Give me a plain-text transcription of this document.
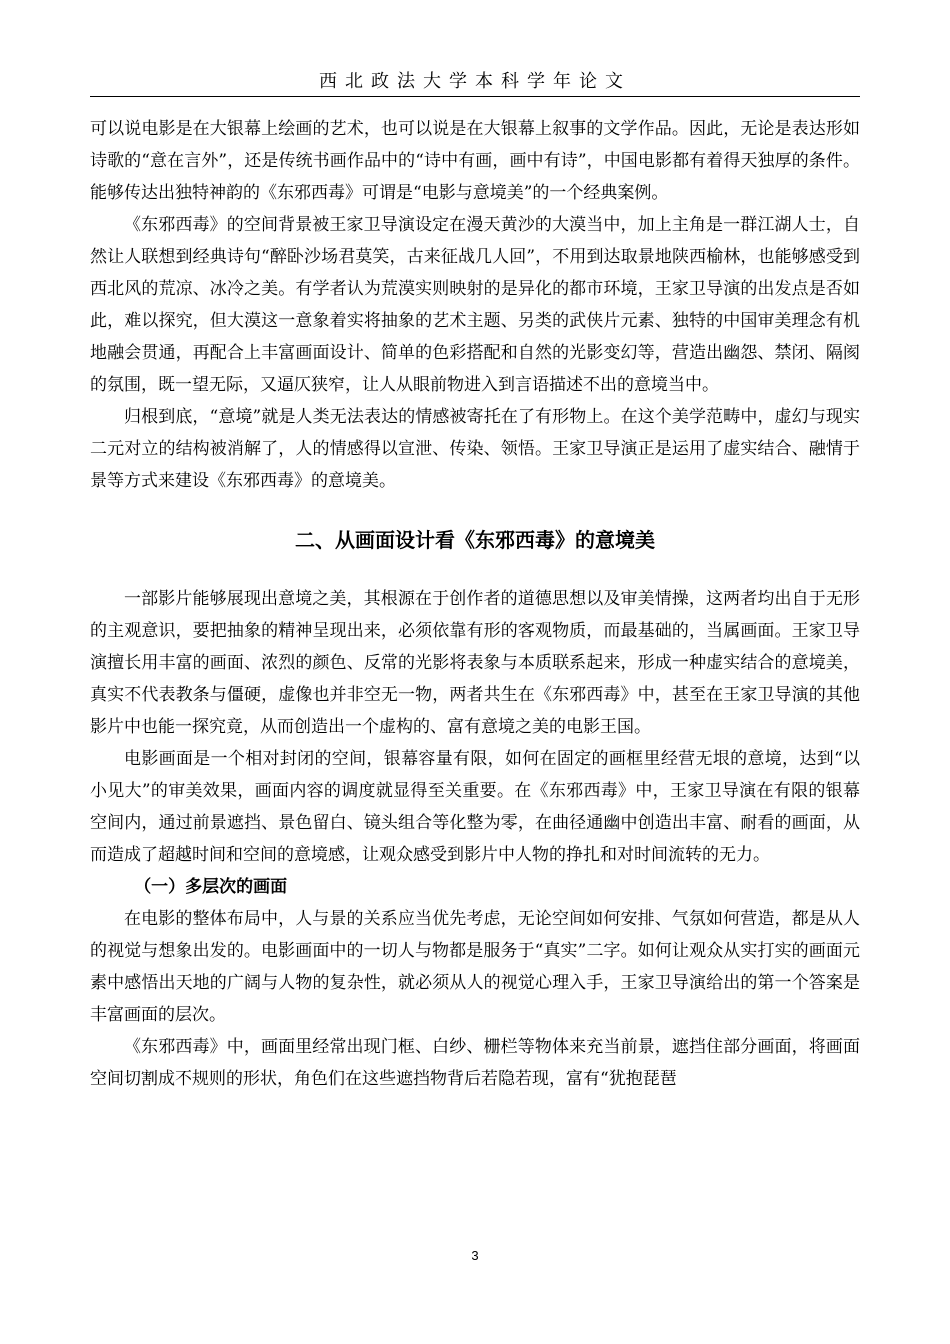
西北政法大学本科学年论文

可以说电影是在大银幕上绘画的艺术，也可以说是在大银幕上叙事的文学作品。因此，无论是表达形如诗歌的“意在言外”，还是传统书画作品中的“诗中有画，画中有诗”，中国电影都有着得天独厚的条件。能够传达出独特神韵的《东邪西毒》可谓是“电影与意境美”的一个经典案例。

《东邪西毒》的空间背景被王家卫导演设定在漫天黄沙的大漠当中，加上主角是一群江湖人士，自然让人联想到经典诗句“醉卧沙场君莫笑，古来征战几人回”，不用到达取景地陕西榆林，也能够感受到西北风的荒凉、冰冷之美。有学者认为荒漠实则映射的是异化的都市环境，王家卫导演的出发点是否如此，难以探究，但大漠这一意象着实将抽象的艺术主题、另类的武侠片元素、独特的中国审美理念有机地融会贯通，再配合上丰富画面设计、简单的色彩搭配和自然的光影变幻等，营造出幽怨、禁闭、隔阂的氛围，既一望无际，又逼仄狭窄，让人从眼前物进入到言语描述不出的意境当中。

归根到底，“意境”就是人类无法表达的情感被寄托在了有形物上。在这个美学范畴中，虚幻与现实二元对立的结构被消解了，人的情感得以宣泄、传染、领悟。王家卫导演正是运用了虚实结合、融情于景等方式来建设《东邪西毒》的意境美。

二、从画面设计看《东邪西毒》的意境美

一部影片能够展现出意境之美，其根源在于创作者的道德思想以及审美情操，这两者均出自于无形的主观意识，要把抽象的精神呈现出来，必须依靠有形的客观物质，而最基础的，当属画面。王家卫导演擅长用丰富的画面、浓烈的颜色、反常的光影将表象与本质联系起来，形成一种虚实结合的意境美，真实不代表教条与僵硬，虚像也并非空无一物，两者共生在《东邪西毒》中，甚至在王家卫导演的其他影片中也能一探究竟，从而创造出一个虚构的、富有意境之美的电影王国。

电影画面是一个相对封闭的空间，银幕容量有限，如何在固定的画框里经营无垠的意境，达到“以小见大”的审美效果，画面内容的调度就显得至关重要。在《东邪西毒》中，王家卫导演在有限的银幕空间内，通过前景遮挡、景色留白、镜头组合等化整为零，在曲径通幽中创造出丰富、耐看的画面，从而造成了超越时间和空间的意境感，让观众感受到影片中人物的挣扎和对时间流转的无力。

（一）多层次的画面

在电影的整体布局中，人与景的关系应当优先考虑，无论空间如何安排、气氛如何营造，都是从人的视觉与想象出发的。电影画面中的一切人与物都是服务于“真实”二字。如何让观众从实打实的画面元素中感悟出天地的广阔与人物的复杂性，就必须从人的视觉心理入手，王家卫导演给出的第一个答案是丰富画面的层次。

《东邪西毒》中，画面里经常出现门框、白纱、栅栏等物体来充当前景，遮挡住部分画面，将画面空间切割成不规则的形状，角色们在这些遮挡物背后若隐若现，富有“犹抱琵琶

3
